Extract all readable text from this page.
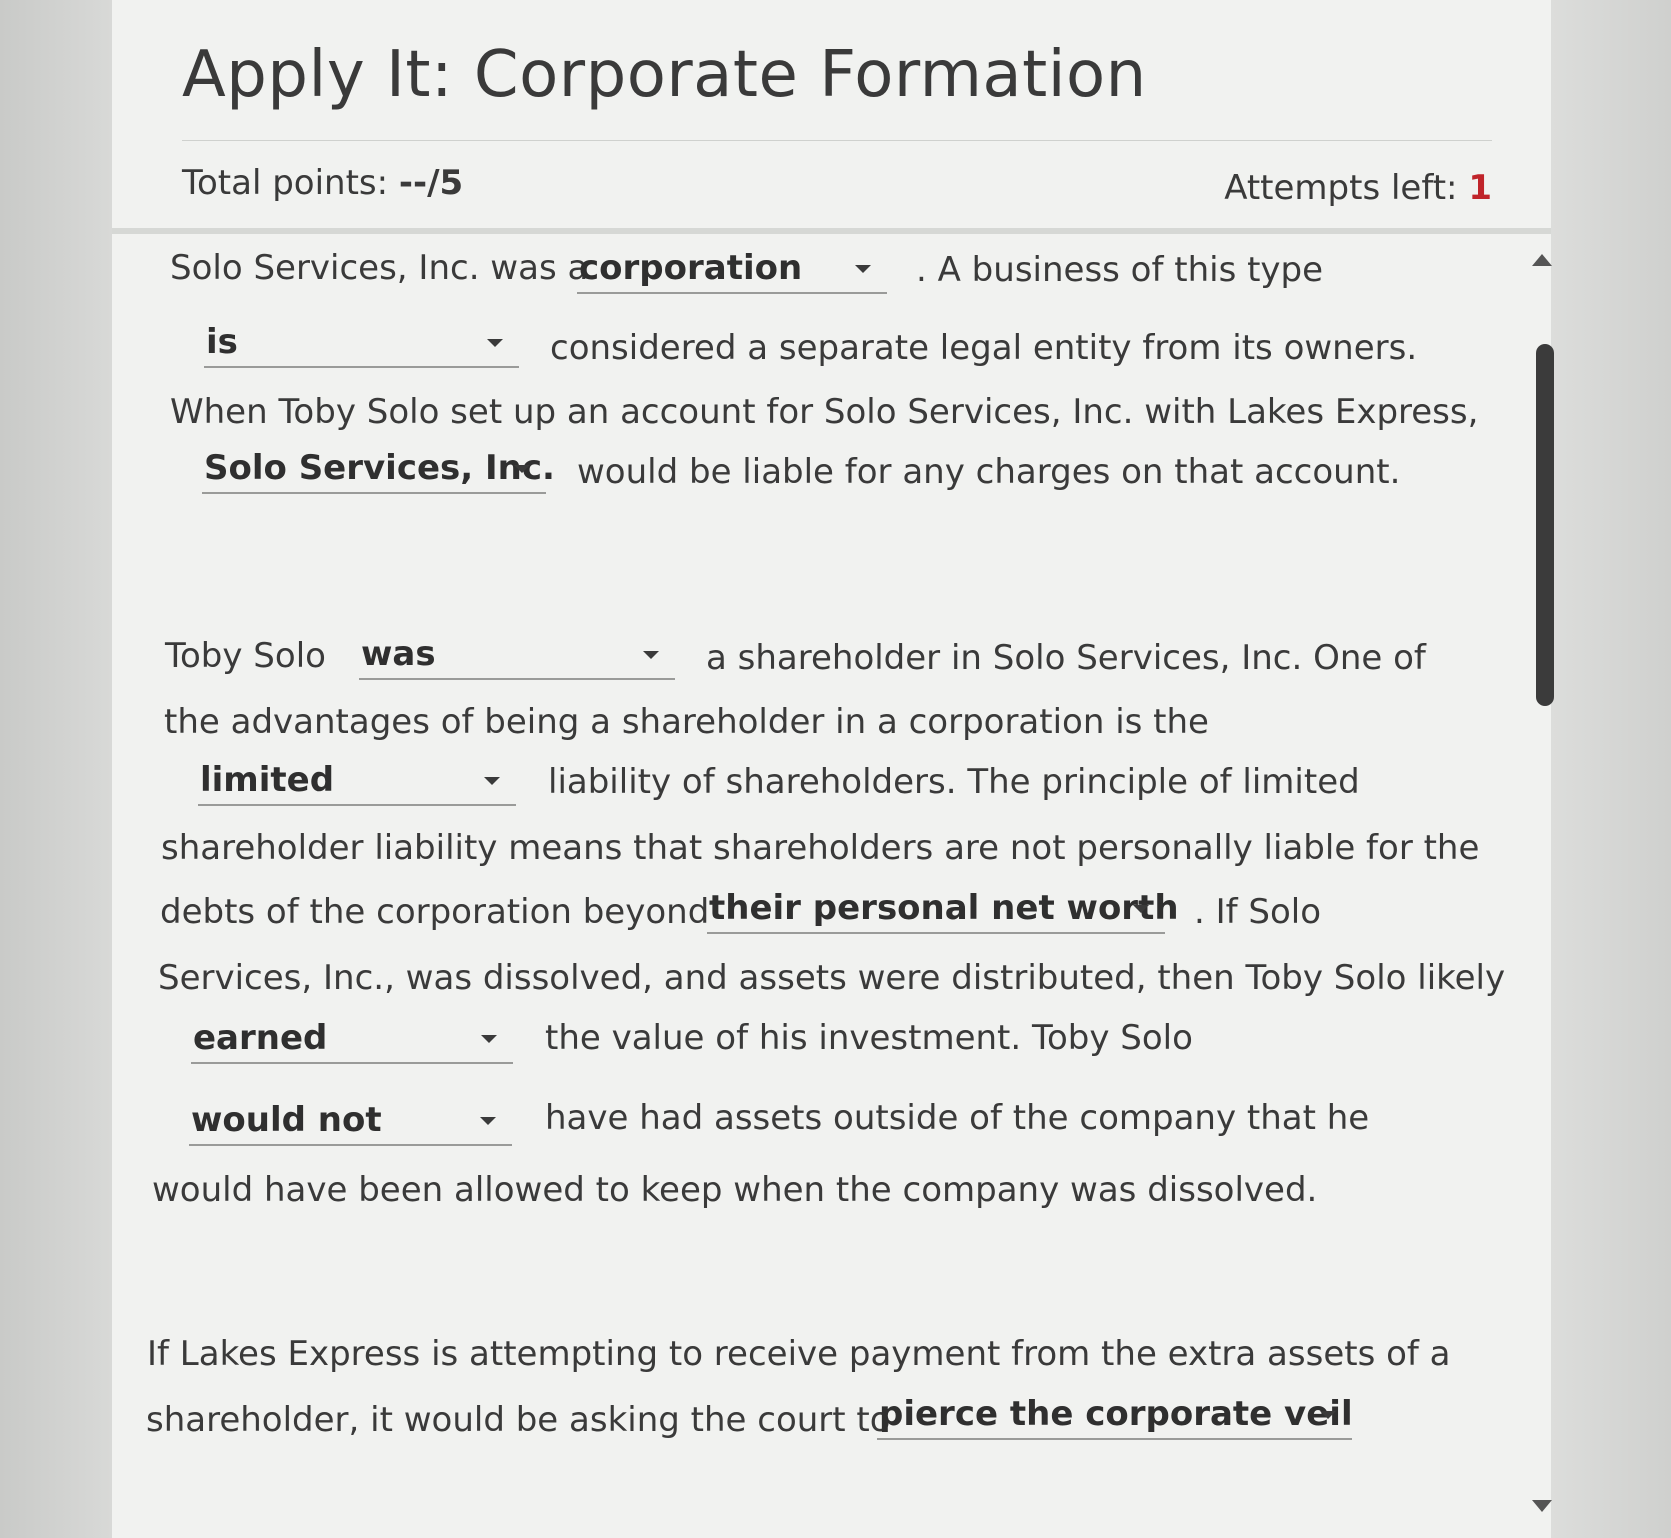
Apply It: Corporate Formation
Total points: --/5	Attempts left: 1
Solo Services, Inc. was a
corporation	. A business of this type
is	considered a separate legal entity from its owners.
When Toby Solo set up an account for Solo Services, Inc. with Lakes Express,
Solo Services, Inc. would be liable for any charges on that account.
Toby Solo was	a shareholder in Solo Services, Inc. One of
the advantages of being a shareholder in a corporation is the
limited	liability of shareholders. The principle of limited
shareholder liability means that shareholders are not personally liable for the
debts of the corporation beyond their personal net worth . If Solo
Services, Inc., was dissolved, and assets were distributed, then Toby Solo likely
earned	the value of his investment. Toby Solo
would not	have had assets outside of the company that he
would have been allowed to keep when the company was dissolved.
If Lakes Express is attempting to receive payment from the extra assets of a
shareholder, it would be asking the court to
pierce the corporate veil
